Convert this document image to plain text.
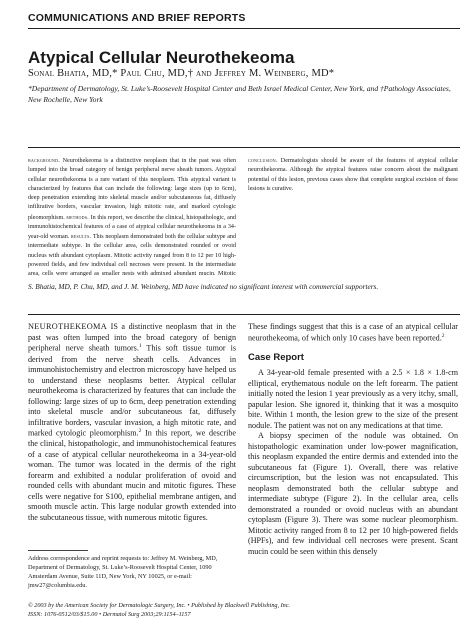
COMMUNICATIONS AND BRIEF REPORTS
Atypical Cellular Neurothekeoma
Sonal Bhatia, MD,* Paul Chu, MD,† and Jeffrey M. Weinberg, MD*
*Department of Dermatology, St. Luke’s-Roosevelt Hospital Center and Beth Israel Medical Center, New York, and †Pathology Associates, New Rochelle, New York

background. Neurothekeoma is a distinctive neoplasm that in the past was often lumped into the broad category of benign peripheral nerve sheath tumors. Atypical cellular neurothekeoma is a rare variant of this neoplasm. This atypical variant is characterized by features that can include the following: large sizes (up to 6cm), deep penetration extending into skeletal muscle and/or subcutaneous fat, diffusely infiltrative borders, vascular invasion, high mitotic rate, and marked cytologic pleomorphism. methods. In this report, we describe the clinical, histopathologic, and immunohistochemical features of a case of atypical cellular neurothekeoma in a 34-year-old woman. results. This neoplasm demonstrated both the cellular subtype and intermediate subtype. In the cellular area, cells demonstrated rounded or ovoid nucleus with abundant cytoplasm. Mitotic activity ranged from 8 to 12 per 10 high-powered fields, and few individual cell necroses were present. In the intermediate area, cells were arranged as smaller nests with admixed abundant mucin. Mitotic

conclusion. Dermatologists should be aware of the features of atypical cellular neurothekeoma. Although the atypical features raise concern about the malignant potential of this lesion, previous cases show that complete surgical excision of these lesions is curative.

S. Bhatia, MD, P. Chu, MD, and J. M. Weinberg, MD have indicated no significant interest with commercial supporters.

NEUROTHEKEOMA IS a distinctive neoplasm that in the past was often lumped into the broad category of benign peripheral nerve sheath tumors.$^1$ This soft tissue tumor is derived from the nerve sheath cells. Advances in immunohistochemistry and electron microscopy have helped us to understand these neoplasms better. Atypical cellular neurothekeoma is characterized by features that can include the following: large sizes of up to 6cm, deep penetration extending into skeletal muscle and/or subcutaneous fat, diffusely infiltrative borders, vascular invasion, a high mitotic rate, and marked cytologic pleomorphism.$^2$ In this report, we describe the clinical, histopathologic, and immunohistochemical features of a case of atypical cellular neurothekeoma in a 34-year-old woman. The tumor was located in the dermis of the right forearm and exhibited a nodular proliferation of ovoid and rounded cells with abundant mucin and mitotic figures. These cells were negative for S100, epithelial membrane antigen, and smooth muscle actin. This large nodular growth extended into the subcutaneous tissue, with numerous mitotic figures.

Address correspondence and reprint requests to: Jeffrey M. Weinberg, MD, Department of Dermatology, St. Luke’s-Roosevelt Hospital Center, 1090 Amsterdam Avenue, Suite 11D, New York, NY 10025, or e-mail: jmw27@columbia.edu.

These findings suggest that this is a case of an atypical cellular neurothekeoma, of which only 10 cases have been reported.$^2$

Case Report

A 34-year-old female presented with a 2.5 × 1.8 × 1.8-cm elliptical, erythematous nodule on the left forearm. The patient initially noted the lesion 1 year previously as a very itchy, small, papular lesion. She ignored it, thinking that it was a mosquito bite. Within 1 month, the lesion grew to the size of the present nodule. The patient was not on any medications at that time.

A biopsy specimen of the nodule was obtained. On histopathologic examination under low-power magnification, this neoplasm expanded the entire dermis and extended into the subcutaneous fat (Figure 1). Overall, there was relative circumscription, but the lesion was not encapsulated. This neoplasm demonstrated both the cellular subtype and intermediate subtype (Figure 2). In the cellular area, cells demonstrated a rounded or ovoid nucleus with an abundant cytoplasm (Figure 3). There was some nuclear pleomorphism. Mitotic activity ranged from 8 to 12 per 10 high-powered fields (HPFs), and few individual cell necroses were present. Scant mucin could be seen within this densely

© 2003 by the American Society for Dermatologic Surgery, Inc. • Published by Blackwell Publishing, Inc.
ISSN: 1076-0512/03/$15.00 • Dermatol Surg 2003;29:1154–1157
